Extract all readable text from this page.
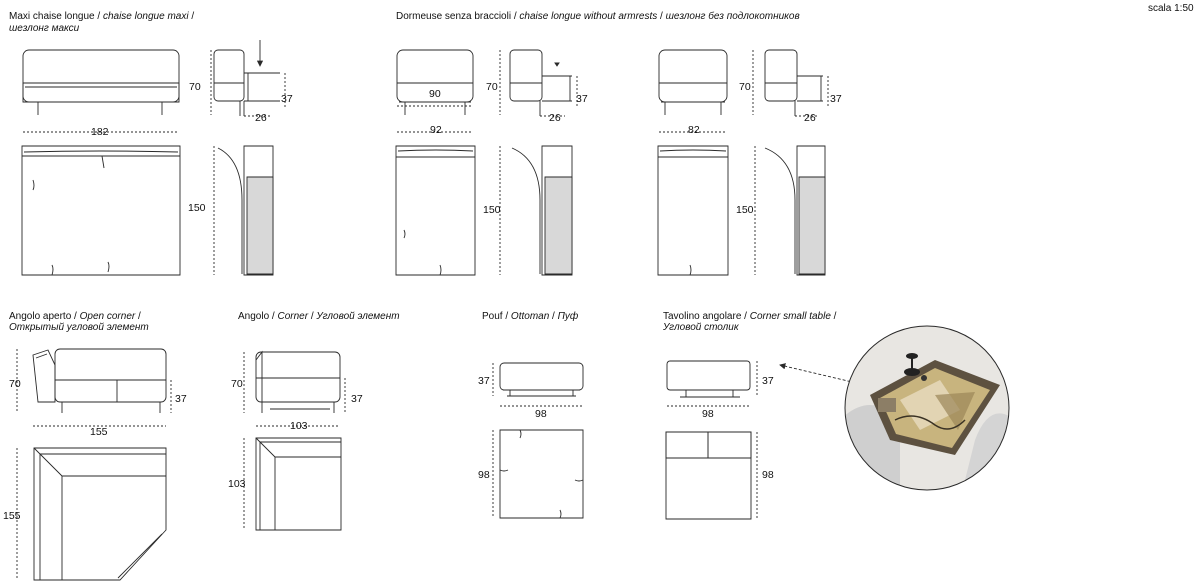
Maxi chaise longue / chaise longue maxi /
шезлонг макси
Dormeuse senza braccioli / chaise longue without armrests / шезлонг без подлокотников
scala 1:50
Angolo aperto / Open corner /
Открытый угловой элемент
Angolo / Corner / Угловой элемент	Pouf / Ottoman / Пуф	Tavolino angolare / Corner small table /
Угловой столик
182
70
37
26
150
90
92
70
37
26
150
82
70
37
26
150
70
37
155
155
70
37
103
103
37
98
98
37
98
98
